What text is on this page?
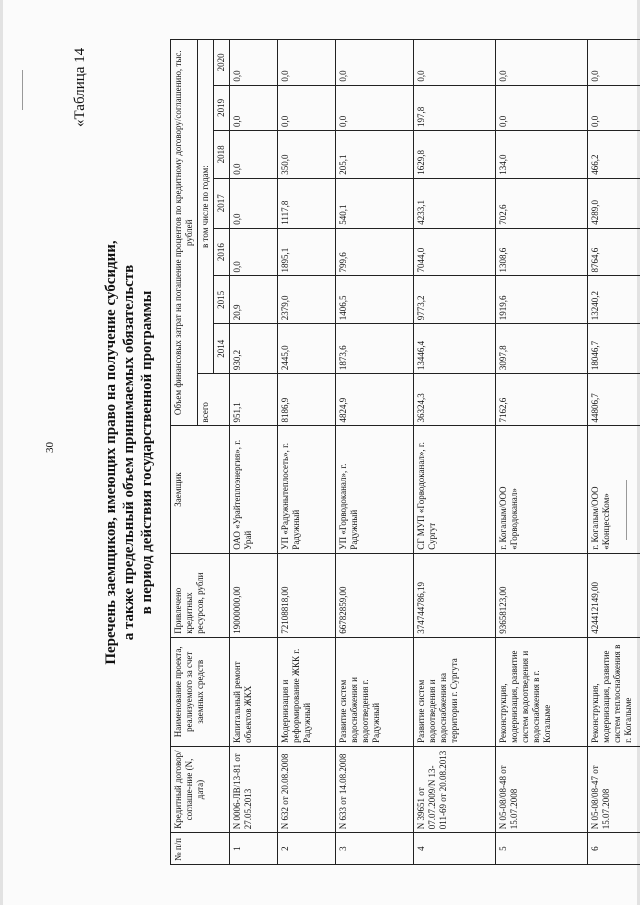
30
«Таблица 14
Перечень заемщиков, имеющих право на получение субсидии, а также предельный объем принимаемых обязательств в период действия государственной программы
№ п/п	Кредитный договор/соглаше-ние (N, дата)	Наименование проекта, реализуемого за счет заемных средств	Привлечено кредитных ресурсов, рубли	Заемщик	Объем финансовых затрат на погашение процентов по кредитному договору/соглашению, тыс. рублей							
					всего	в том числе по годам:						
						2014	2015	2016	2017	2018	2019	2020
1	N 0006-ЛВ/13-81 от 27.05.2013	Капитальный ремонт объектов ЖКХ	19000000,00	ОАО «Урайтеплоэнергия», г. Урай	951,1	930,2	20,9	0,0	0,0	0,0	0,0	0,0
2	N 632 от 20.08.2008	Модернизация и реформирование ЖКК г. Радужный	72108818,00	УП «Радужнытеплосеть», г. Радужный	8186,9	2445,0	2379,0	1895,1	1117,8	350,0	0,0	0,0
3	N 633 от 14.08.2008	Развитие систем водоснабжения и водоотведения г. Радужный	66782859,00	УП «Горводоканал», г. Радужный	4824,9	1873,6	1406,5	799,6	540,1	205,1	0,0	0,0
4	N 39651 от 07.07.2009/N 13-011-69 от 20.08.2013	Развитие систем водоотведения и водоснабжения на территории г. Сургута	374744786,19	СГ МУП «Горводоканал», г. Сургут	36324,3	13446,4	9773,2	7044,0	4233,1	1629,8	197,8	0,0
5	N 05-08/08-48 от 15.07.2008	Реконструкция, модернизация, развитие систем водоотведения и водоснабжения в г. Когалыме	93658123,00	г. Когалым/ООО «Горводоканал»	7162,6	3097,8	1919,6	1308,6	702,6	134,0	0,0	0,0
6	N 05-08/08-47 от 15.07.2008	Реконструкция, модернизация, развитие систем теплоснабжения в г. Когалыме	424412149,00	г. Когалым/ООО «КонцессКом»	44806,7	18046,7	13240,2	8764,6	4289,0	466,2	0,0	0,0
